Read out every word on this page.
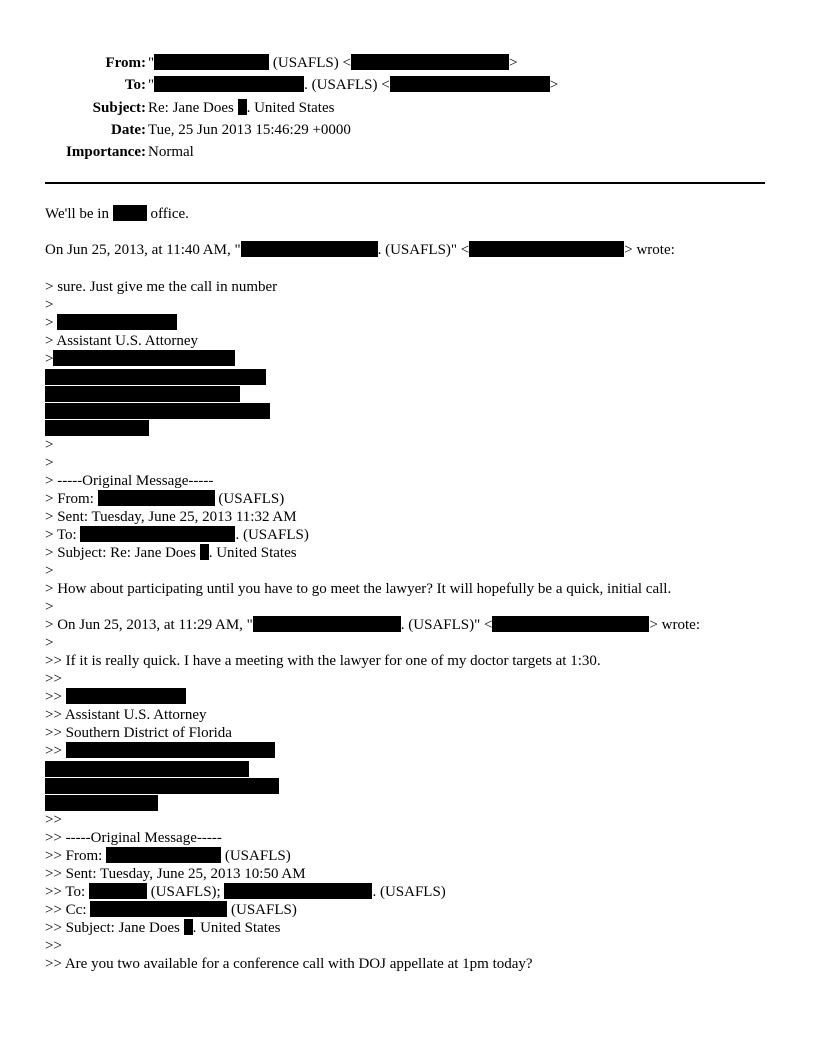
From: "	(USAFLS) <	>
To: "	. (USAFLS) <	>
Subject: Re: Jane Does . United States
Date: Tue, 25 Jun 2013 15:46:29 +0000
Importance: Normal
We'll be in	office.
On Jun 25, 2013, at 11:40 AM, "	. (USAFLS)" <	> wrote:
> sure. Just give me the call in number
>
>
> Assistant U.S. Attorney
>
>
>
> -----Original Message-----
> From:	(USAFLS)
> Sent: Tuesday, June 25, 2013 11:32 AM
> To:	. (USAFLS)
> Subject: Re: Jane Does . United States
>
> How about participating until you have to go meet the lawyer? It will hopefully be a quick, initial call.
>
> On Jun 25, 2013, at 11:29 AM, "	. (USAFLS)" <	> wrote:
>
>> If it is really quick. I have a meeting with the lawyer for one of my doctor targets at 1:30.
>>
>>
>> Assistant U.S. Attorney
>> Southern District of Florida
>>
>>
>> -----Original Message-----
>> From:	(USAFLS)
>> Sent: Tuesday, June 25, 2013 10:50 AM
>> To:	(USAFLS);	. (USAFLS)
>> Cc:	(USAFLS)
>> Subject: Jane Does . United States
>>
>> Are you two available for a conference call with DOJ appellate at 1pm today?
